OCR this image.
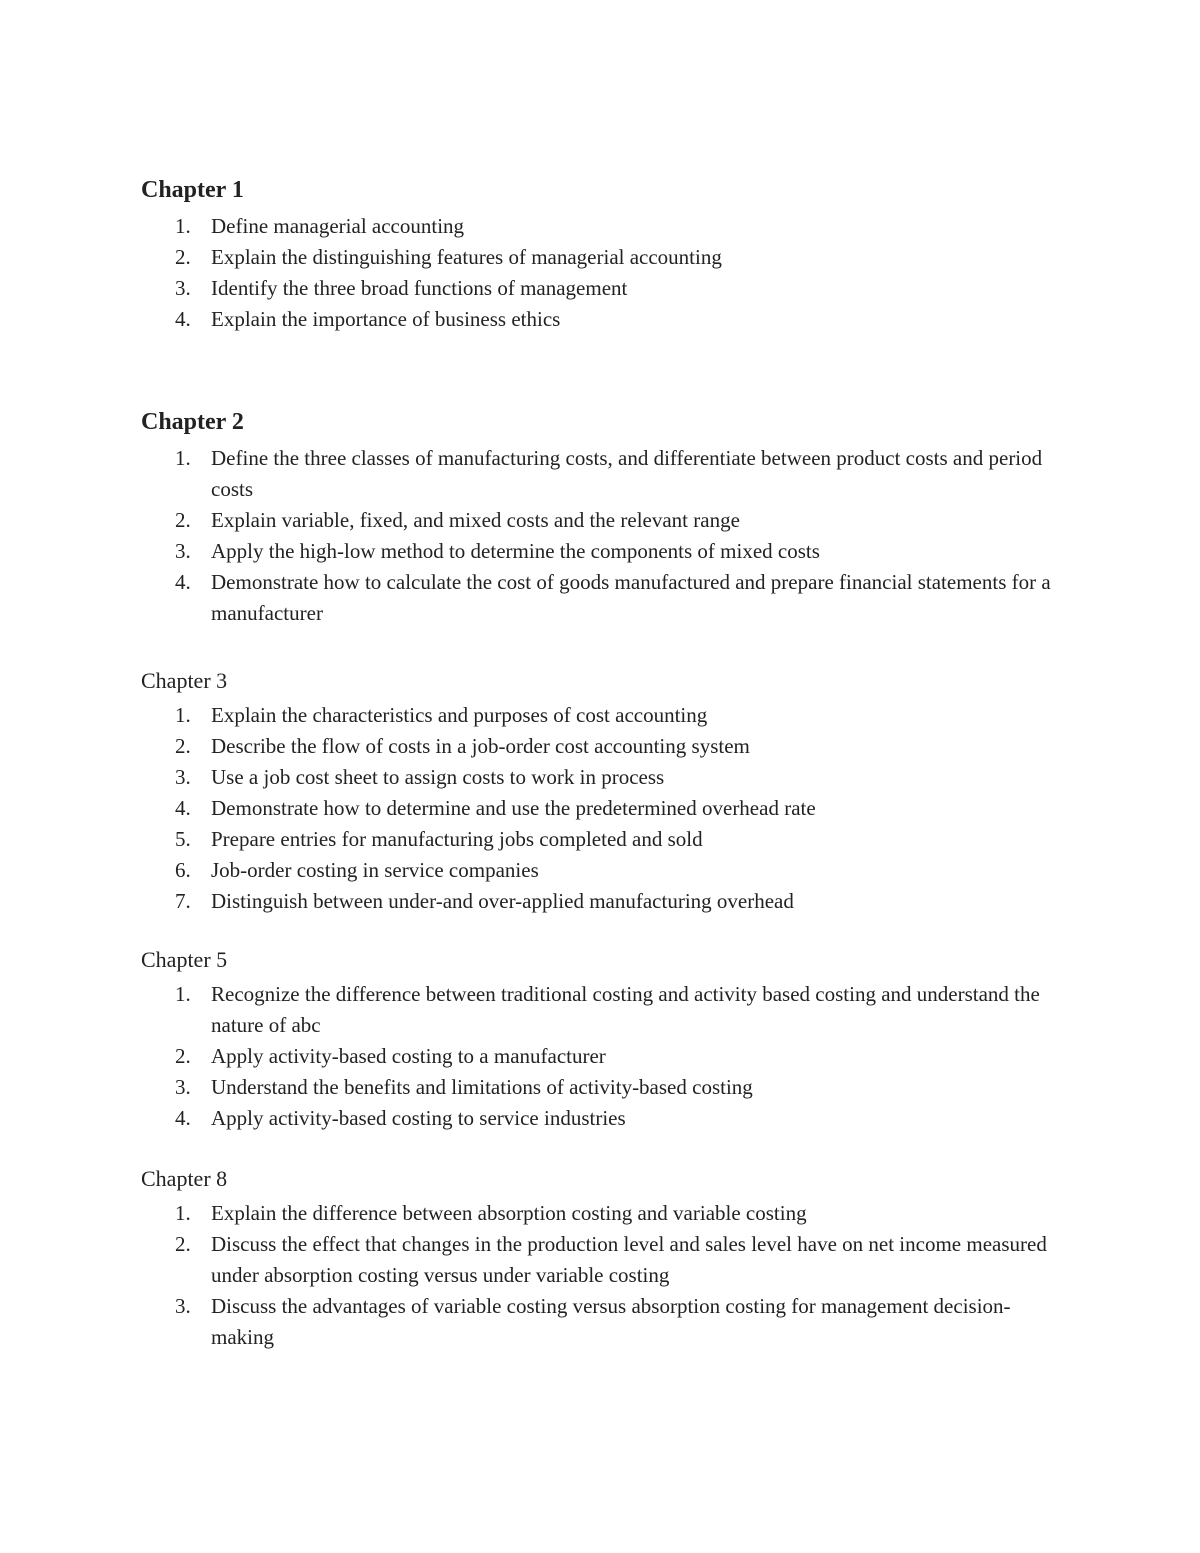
Chapter 1
1. Define managerial accounting
2. Explain the distinguishing features of managerial accounting
3. Identify the three broad functions of management
4. Explain the importance of business ethics
Chapter 2
1. Define the three classes of manufacturing costs, and differentiate between product costs and period costs
2. Explain variable, fixed, and mixed costs and the relevant range
3. Apply the high-low method to determine the components of mixed costs
4. Demonstrate how to calculate the cost of goods manufactured and prepare financial statements for a manufacturer
Chapter 3
1. Explain the characteristics and purposes of cost accounting
2. Describe the flow of costs in a job-order cost accounting system
3. Use a job cost sheet to assign costs to work in process
4. Demonstrate how to determine and use the predetermined overhead rate
5. Prepare entries for manufacturing jobs completed and sold
6. Job-order costing in service companies
7. Distinguish between under-and over-applied manufacturing overhead
Chapter 5
1. Recognize the difference between traditional costing and activity based costing and understand the nature of abc
2. Apply activity-based costing to a manufacturer
3. Understand the benefits and limitations of activity-based costing
4. Apply activity-based costing to service industries
Chapter 8
1. Explain the difference between absorption costing and variable costing
2. Discuss the effect that changes in the production level and sales level have on net income measured under absorption costing versus under variable costing
3. Discuss the advantages of variable costing versus absorption costing for management decision-making
